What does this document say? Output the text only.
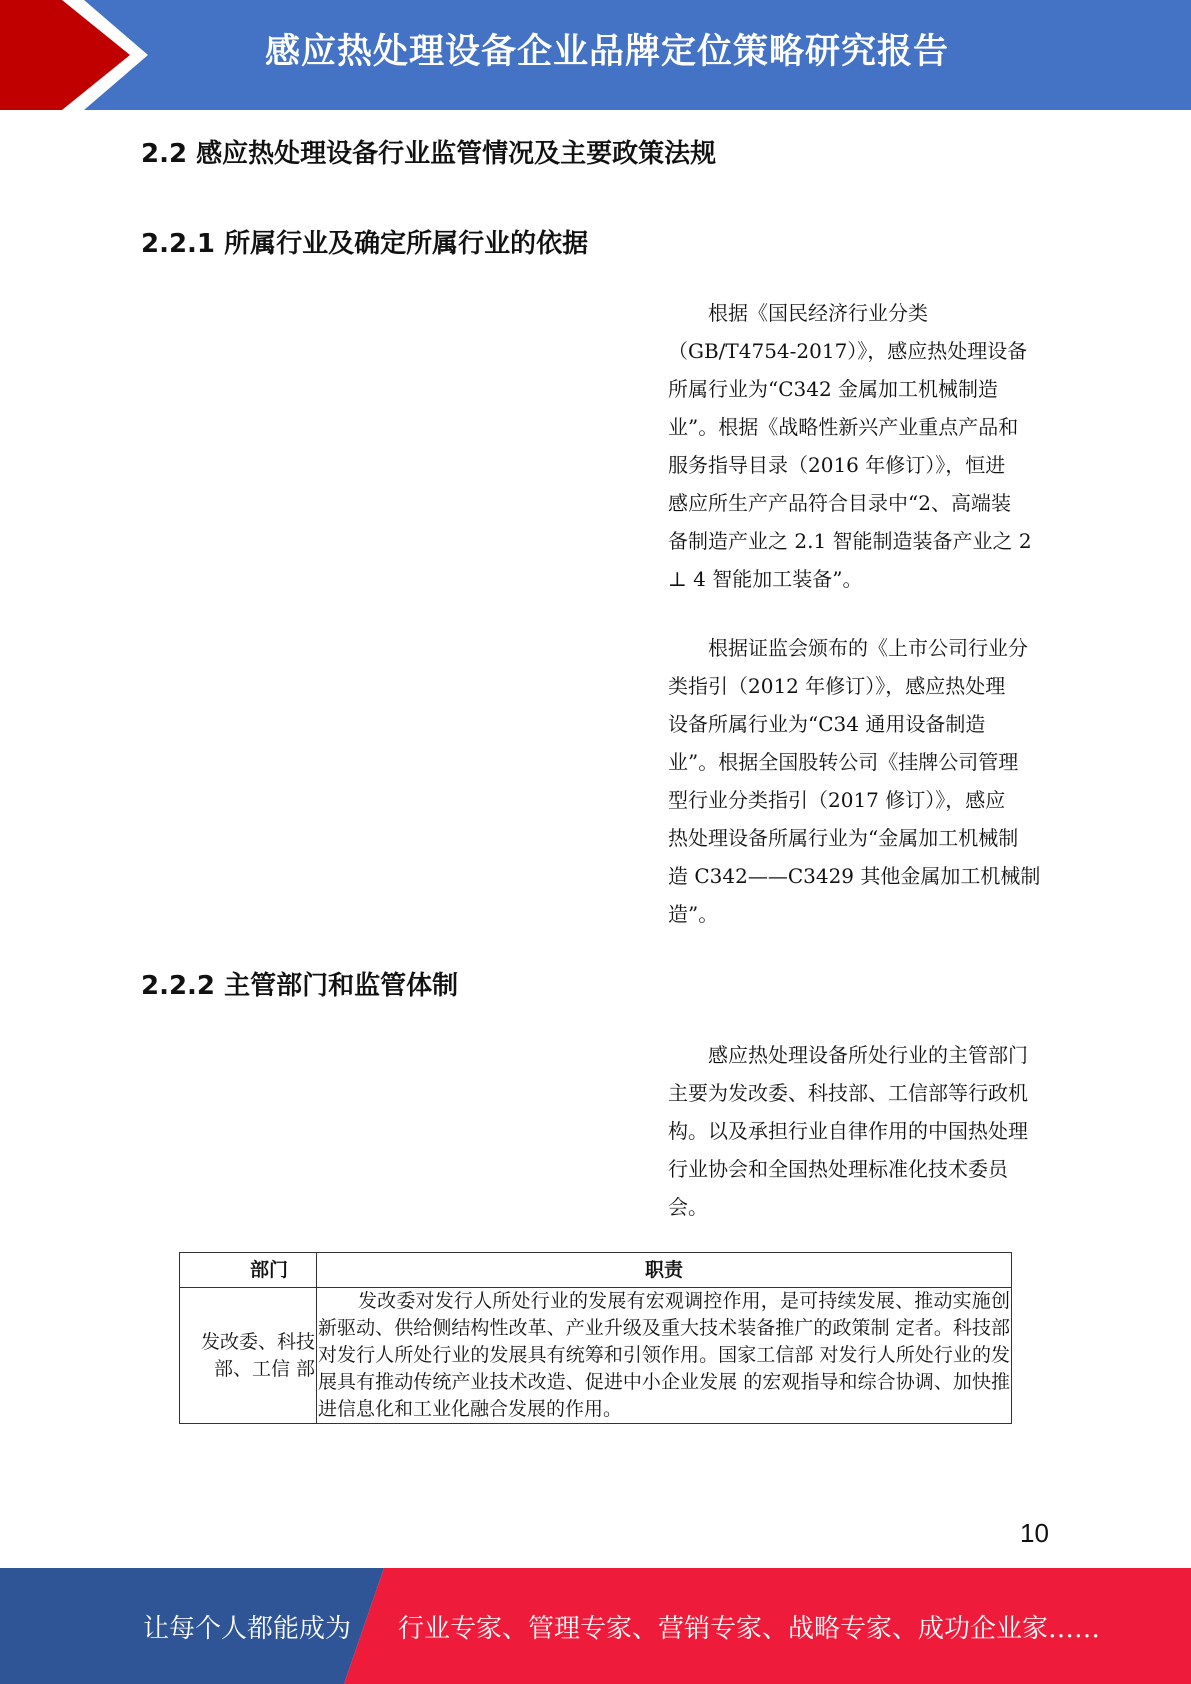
感应热处理设备企业品牌定位策略研究报告
2.2 感应热处理设备行业监管情况及主要政策法规
2.2.1 所属行业及确定所属行业的依据
根据《国民经济行业分类
（GB/T4754-2017）》，感应热处理设备
所属行业为“C342 金属加工机械制造
业”。根据《战略性新兴产业重点产品和
服务指导目录（2016 年修订）》，恒进
感应所生产产品符合目录中“2、高端装
备制造产业之 2.1 智能制造装备产业之 2
⊥ 4 智能加工装备”。
根据证监会颁布的《上市公司行业分
类指引（2012 年修订）》，感应热处理
设备所属行业为“C34 通用设备制造
业”。根据全国股转公司《挂牌公司管理
型行业分类指引（2017 修订）》，感应
热处理设备所属行业为“金属加工机械制
造 C342——C3429 其他金属加工机械制
造”。
2.2.2 主管部门和监管体制
感应热处理设备所处行业的主管部门
主要为发改委、科技部、工信部等行政机
构。以及承担行业自律作用的中国热处理
行业协会和全国热处理标准化技术委员
会。
部门	职责
发改委、科技部、工信 部	发改委对发行人所处行业的发展有宏观调控作用，是可持续发展、推动实施创新驱动、供给侧结构性改革、产业升级及重大技术装备推广的政策制 定者。科技部对发行人所处行业的发展具有统筹和引领作用。国家工信部 对发行人所处行业的发展具有推动传统产业技术改造、促进中小企业发展 的宏观指导和综合协调、加快推进信息化和工业化融合发展的作用。
10
让每个人都能成为 行业专家、管理专家、营销专家、战略专家、成功企业家……
